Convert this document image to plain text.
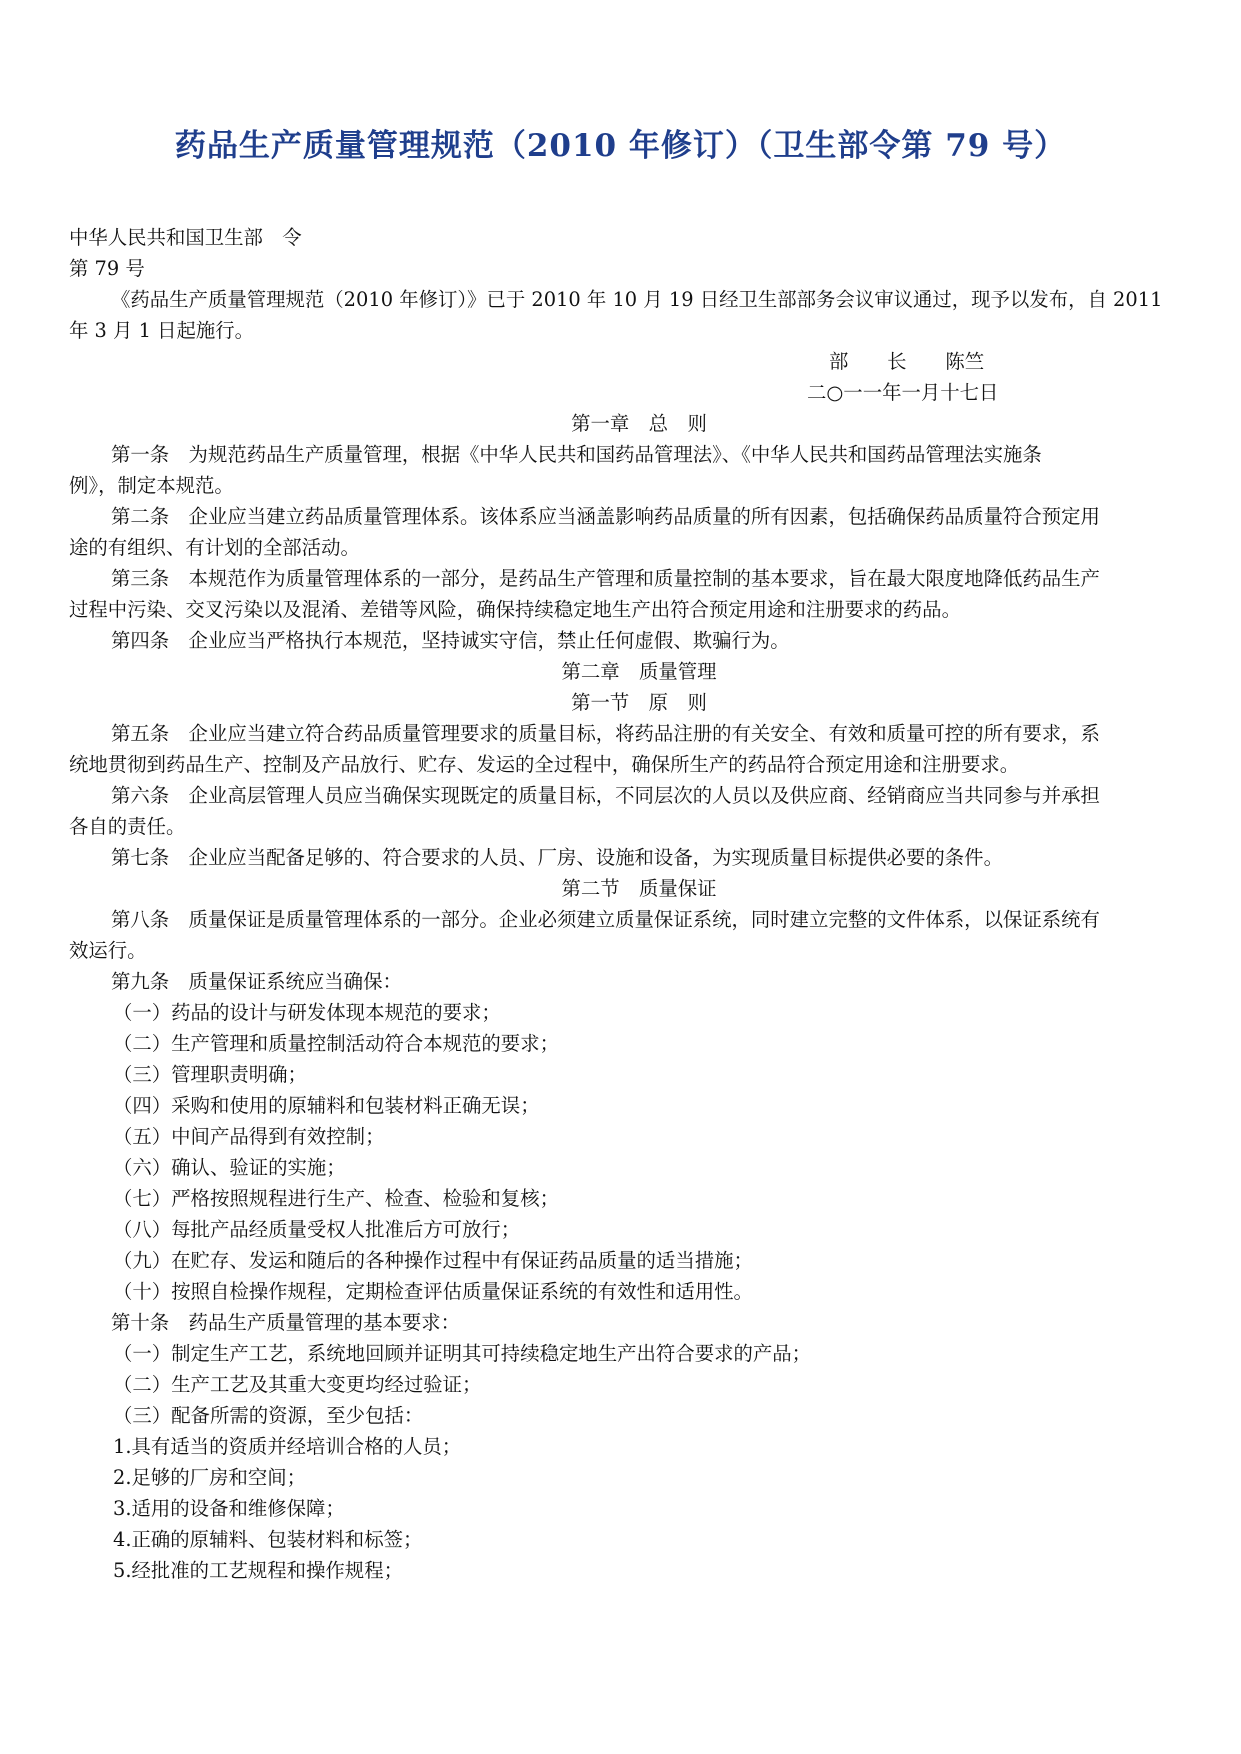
药品生产质量管理规范（2010 年修订）（卫生部令第 79 号）
中华人民共和国卫生部　令
第 79 号
《药品生产质量管理规范（2010 年修订）》已于 2010 年 10 月 19 日经卫生部部务会议审议通过，现予以发布，自 2011
年 3 月 1 日起施行。
部　　长　　陈竺
二○一一年一月十七日
第一章　总　则
第一条　为规范药品生产质量管理，根据《中华人民共和国药品管理法》、《中华人民共和国药品管理法实施条
例》，制定本规范。
第二条　企业应当建立药品质量管理体系。该体系应当涵盖影响药品质量的所有因素，包括确保药品质量符合预定用
途的有组织、有计划的全部活动。
第三条　本规范作为质量管理体系的一部分，是药品生产管理和质量控制的基本要求，旨在最大限度地降低药品生产
过程中污染、交叉污染以及混淆、差错等风险，确保持续稳定地生产出符合预定用途和注册要求的药品。
第四条　企业应当严格执行本规范，坚持诚实守信，禁止任何虚假、欺骗行为。
第二章　质量管理
第一节　原　则
第五条　企业应当建立符合药品质量管理要求的质量目标，将药品注册的有关安全、有效和质量可控的所有要求，系
统地贯彻到药品生产、控制及产品放行、贮存、发运的全过程中，确保所生产的药品符合预定用途和注册要求。
第六条　企业高层管理人员应当确保实现既定的质量目标，不同层次的人员以及供应商、经销商应当共同参与并承担
各自的责任。
第七条　企业应当配备足够的、符合要求的人员、厂房、设施和设备，为实现质量目标提供必要的条件。
第二节　质量保证
第八条　质量保证是质量管理体系的一部分。企业必须建立质量保证系统，同时建立完整的文件体系，以保证系统有
效运行。
第九条　质量保证系统应当确保：
（一）药品的设计与研发体现本规范的要求；
（二）生产管理和质量控制活动符合本规范的要求；
（三）管理职责明确；
（四）采购和使用的原辅料和包装材料正确无误；
（五）中间产品得到有效控制；
（六）确认、验证的实施；
（七）严格按照规程进行生产、检查、检验和复核；
（八）每批产品经质量受权人批准后方可放行；
（九）在贮存、发运和随后的各种操作过程中有保证药品质量的适当措施；
（十）按照自检操作规程，定期检查评估质量保证系统的有效性和适用性。
第十条　药品生产质量管理的基本要求：
（一）制定生产工艺，系统地回顾并证明其可持续稳定地生产出符合要求的产品；
（二）生产工艺及其重大变更均经过验证；
（三）配备所需的资源，至少包括：
1.具有适当的资质并经培训合格的人员；
2.足够的厂房和空间；
3.适用的设备和维修保障；
4.正确的原辅料、包装材料和标签；
5.经批准的工艺规程和操作规程；
